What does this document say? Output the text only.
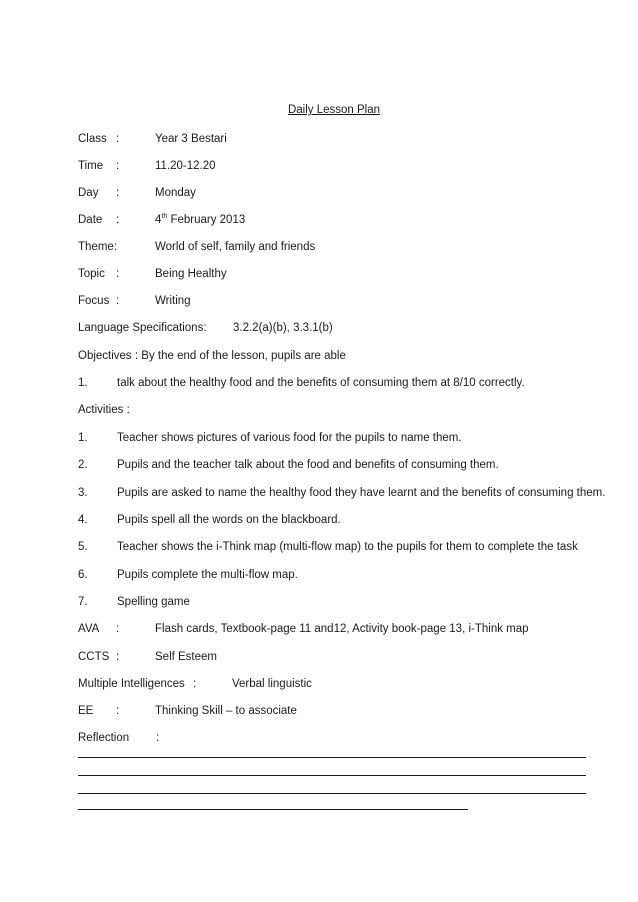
Daily Lesson Plan
Class :	Year 3 Bestari
Time :	11.20-12.20
Day :	Monday
Date :	4th February 2013
Theme :	World of self, family and friends
Topic :	Being Healthy
Focus :	Writing
Language Specifications: 3.2.2(a)(b), 3.3.1(b)
Objectives : By the end of the lesson, pupils are able
1.	talk about the healthy food and the benefits of consuming them at 8/10 correctly.
Activities :
1.	Teacher shows pictures of various food for the pupils to name them.
2.	Pupils and the teacher talk about the food and benefits of consuming them.
3.	Pupils are asked to name the healthy food they have learnt and the benefits of consuming them.
4.	Pupils spell all the words on the blackboard.
5.	Teacher shows the i-Think map (multi-flow map) to the pupils for them to complete the task
6.	Pupils complete the multi-flow map.
7.	Spelling game
AVA :	Flash cards, Textbook-page 11 and12, Activity book-page 13, i-Think map
CCTS :	Self Esteem
Multiple Intelligences :	Verbal linguistic
EE :	Thinking Skill – to associate
Reflection :
